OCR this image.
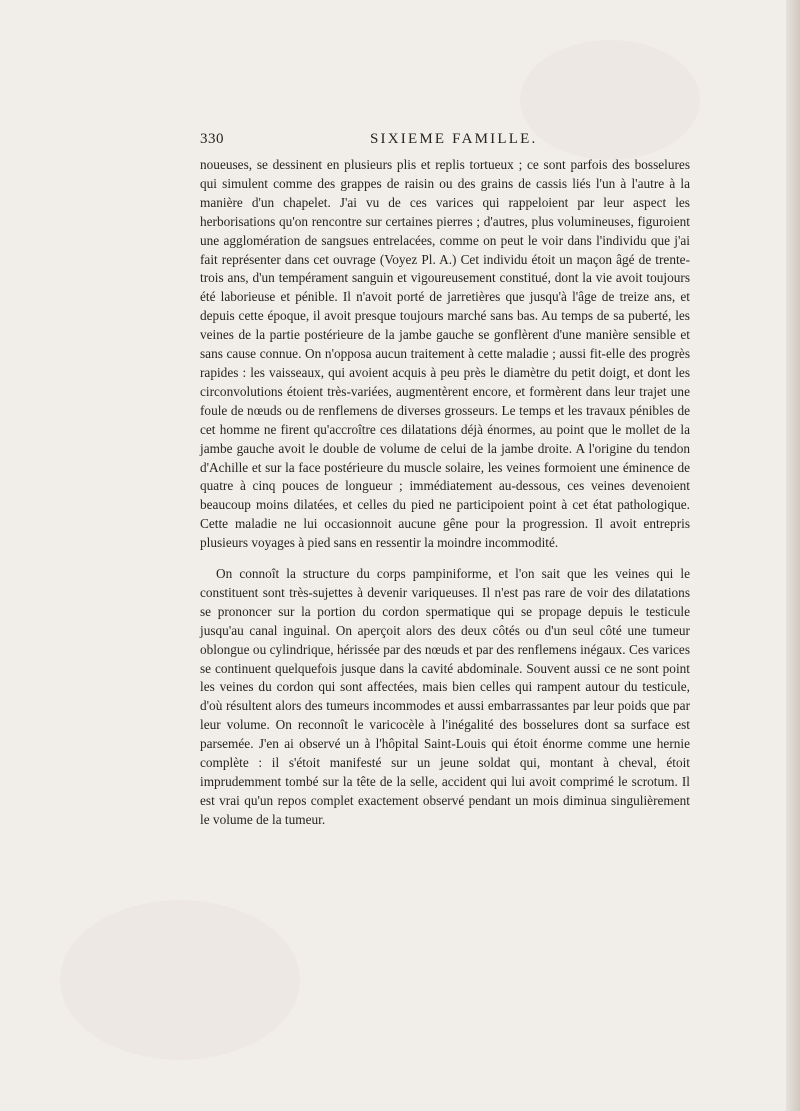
330	SIXIEME FAMILLE.

noueuses, se dessinent en plusieurs plis et replis tortueux ; ce sont parfois des bosselures qui simulent comme des grappes de raisin ou des grains de cassis liés l'un à l'autre à la manière d'un chapelet. J'ai vu de ces varices qui rappeloient par leur aspect les herborisations qu'on rencontre sur certaines pierres ; d'autres, plus volumineuses, figuroient une agglomération de sangsues entrelacées, comme on peut le voir dans l'individu que j'ai fait représenter dans cet ouvrage (Voyez Pl. A.) Cet individu étoit un maçon âgé de trente-trois ans, d'un tempérament sanguin et vigoureusement constitué, dont la vie avoit toujours été laborieuse et pénible. Il n'avoit porté de jarretières que jusqu'à l'âge de treize ans, et depuis cette époque, il avoit presque toujours marché sans bas. Au temps de sa puberté, les veines de la partie postérieure de la jambe gauche se gonflèrent d'une manière sensible et sans cause connue. On n'opposa aucun traitement à cette maladie ; aussi fit-elle des progrès rapides : les vaisseaux, qui avoient acquis à peu près le diamètre du petit doigt, et dont les circonvolutions étoient très-variées, augmentèrent encore, et formèrent dans leur trajet une foule de nœuds ou de renflemens de diverses grosseurs. Le temps et les travaux pénibles de cet homme ne firent qu'accroître ces dilatations déjà énormes, au point que le mollet de la jambe gauche avoit le double de volume de celui de la jambe droite. A l'origine du tendon d'Achille et sur la face postérieure du muscle solaire, les veines formoient une éminence de quatre à cinq pouces de longueur ; immédiatement au-dessous, ces veines devenoient beaucoup moins dilatées, et celles du pied ne participoient point à cet état pathologique. Cette maladie ne lui occasionnoit aucune gêne pour la progression. Il avoit entrepris plusieurs voyages à pied sans en ressentir la moindre incommodité.

On connoît la structure du corps pampiniforme, et l'on sait que les veines qui le constituent sont très-sujettes à devenir variqueuses. Il n'est pas rare de voir des dilatations se prononcer sur la portion du cordon spermatique qui se propage depuis le testicule jusqu'au canal inguinal. On aperçoit alors des deux côtés ou d'un seul côté une tumeur oblongue ou cylindrique, hérissée par des nœuds et par des renflemens inégaux. Ces varices se continuent quelquefois jusque dans la cavité abdominale. Souvent aussi ce ne sont point les veines du cordon qui sont affectées, mais bien celles qui rampent autour du testicule, d'où résultent alors des tumeurs incommodes et aussi embarrassantes par leur poids que par leur volume. On reconnoît le varicocèle à l'inégalité des bosselures dont sa surface est parsemée. J'en ai observé un à l'hôpital Saint-Louis qui étoit énorme comme une hernie complète : il s'étoit manifesté sur un jeune soldat qui, montant à cheval, étoit imprudemment tombé sur la tête de la selle, accident qui lui avoit comprimé le scrotum. Il est vrai qu'un repos complet exactement observé pendant un mois diminua singulièrement le volume de la tumeur.
